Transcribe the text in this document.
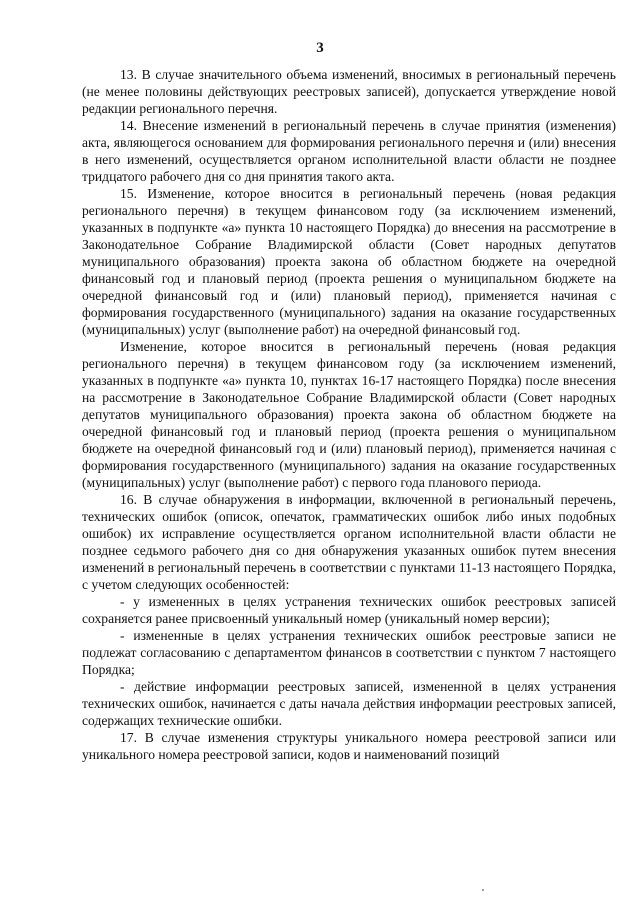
3

13. В случае значительного объема изменений, вносимых в региональный перечень (не менее половины действующих реестровых записей), допускается утверждение новой редакции регионального перечня.

14. Внесение изменений в региональный перечень в случае принятия (изменения) акта, являющегося основанием для формирования регионального перечня и (или) внесения в него изменений, осуществляется органом исполнительной власти области не позднее тридцатого рабочего дня со дня принятия такого акта.

15. Изменение, которое вносится в региональный перечень (новая редакция регионального перечня) в текущем финансовом году (за исключением изменений, указанных в подпункте «а» пункта 10 настоящего Порядка) до внесения на рассмотрение в Законодательное Собрание Владимирской области (Совет народных депутатов муниципального образования) проекта закона об областном бюджете на очередной финансовый год и плановый период (проекта решения о муниципальном бюджете на очередной финансовый год и (или) плановый период), применяется начиная с формирования государственного (муниципального) задания на оказание государственных (муниципальных) услуг (выполнение работ) на очередной финансовый год.

Изменение, которое вносится в региональный перечень (новая редакция регионального перечня) в текущем финансовом году (за исключением изменений, указанных в подпункте «а» пункта 10, пунктах 16-17 настоящего Порядка) после внесения на рассмотрение в Законодательное Собрание Владимирской области (Совет народных депутатов муниципального образования) проекта закона об областном бюджете на очередной финансовый год и плановый период (проекта решения о муниципальном бюджете на очередной финансовый год и (или) плановый период), применяется начиная с формирования государственного (муниципального) задания на оказание государственных (муниципальных) услуг (выполнение работ) с первого года планового периода.

16. В случае обнаружения в информации, включенной в региональный перечень, технических ошибок (описок, опечаток, грамматических ошибок либо иных подобных ошибок) их исправление осуществляется органом исполнительной власти области не позднее седьмого рабочего дня со дня обнаружения указанных ошибок путем внесения изменений в региональный перечень в соответствии с пунктами 11-13 настоящего Порядка, с учетом следующих особенностей:

- у измененных в целях устранения технических ошибок реестровых записей сохраняется ранее присвоенный уникальный номер (уникальный номер версии);

- измененные в целях устранения технических ошибок реестровые записи не подлежат согласованию с департаментом финансов в соответствии с пунктом 7 настоящего Порядка;

- действие информации реестровых записей, измененной в целях устранения технических ошибок, начинается с даты начала действия информации реестровых записей, содержащих технические ошибки.

17. В случае изменения структуры уникального номера реестровой записи или уникального номера реестровой записи, кодов и наименований позиций
